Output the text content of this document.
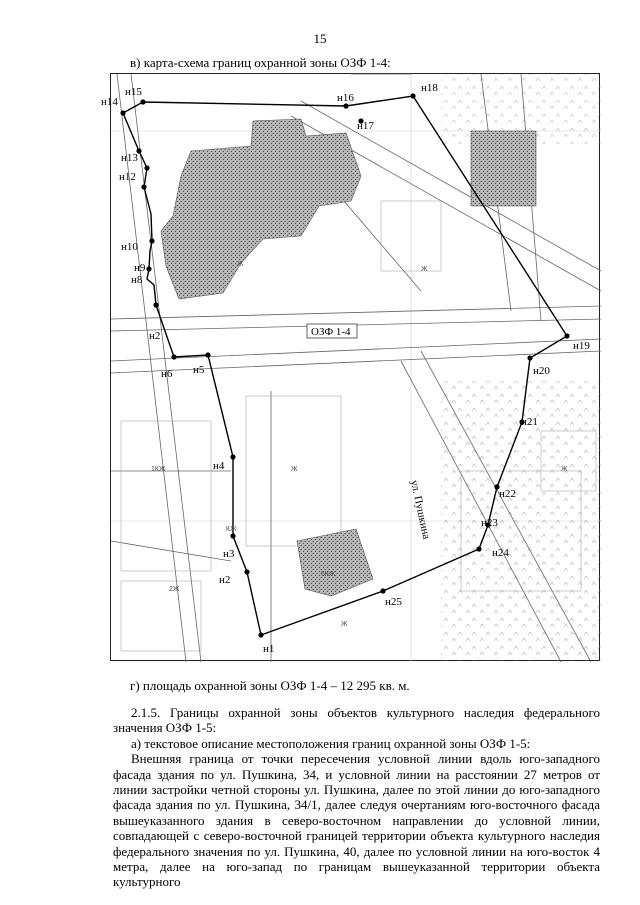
15
в) карта-схема границ охранной зоны ОЗФ 1-4:
н1
н2
н3
н4
н5
н6
н2
н8
н9
н10
н12
н13
н14
н15	н16
н17
н18
н19
н20
н21
н22
н23
н24
н25
ОЗФ 1-4
ул. Пушкина
Ж
Ж
КЖ
5КЖ
2Ж
1КЖ
Ж
Ж
Ж
г) площадь охранной зоны ОЗФ 1-4 – 12 295 кв. м.

2.1.5. Границы охранной зоны объектов культурного наследия федерального значения ОЗФ 1-5:

а) текстовое описание местоположения границ охранной зоны ОЗФ 1-5:

Внешняя граница от точки пересечения условной линии вдоль юго-западного фасада здания по ул. Пушкина, 34, и условной линии на расстоянии 27 метров от линии застройки четной стороны ул. Пушкина, далее по этой линии до юго-западного фасада здания по ул. Пушкина, 34/1, далее следуя очертаниям юго-восточного фасада вышеуказанного здания в северо-восточном направлении до условной линии, совпадающей с северо-восточной границей территории объекта культурного наследия федерального значения по ул. Пушкина, 40, далее по условной линии на юго-восток 4 метра, далее на юго-запад по границам вышеуказанной территории объекта культурного
